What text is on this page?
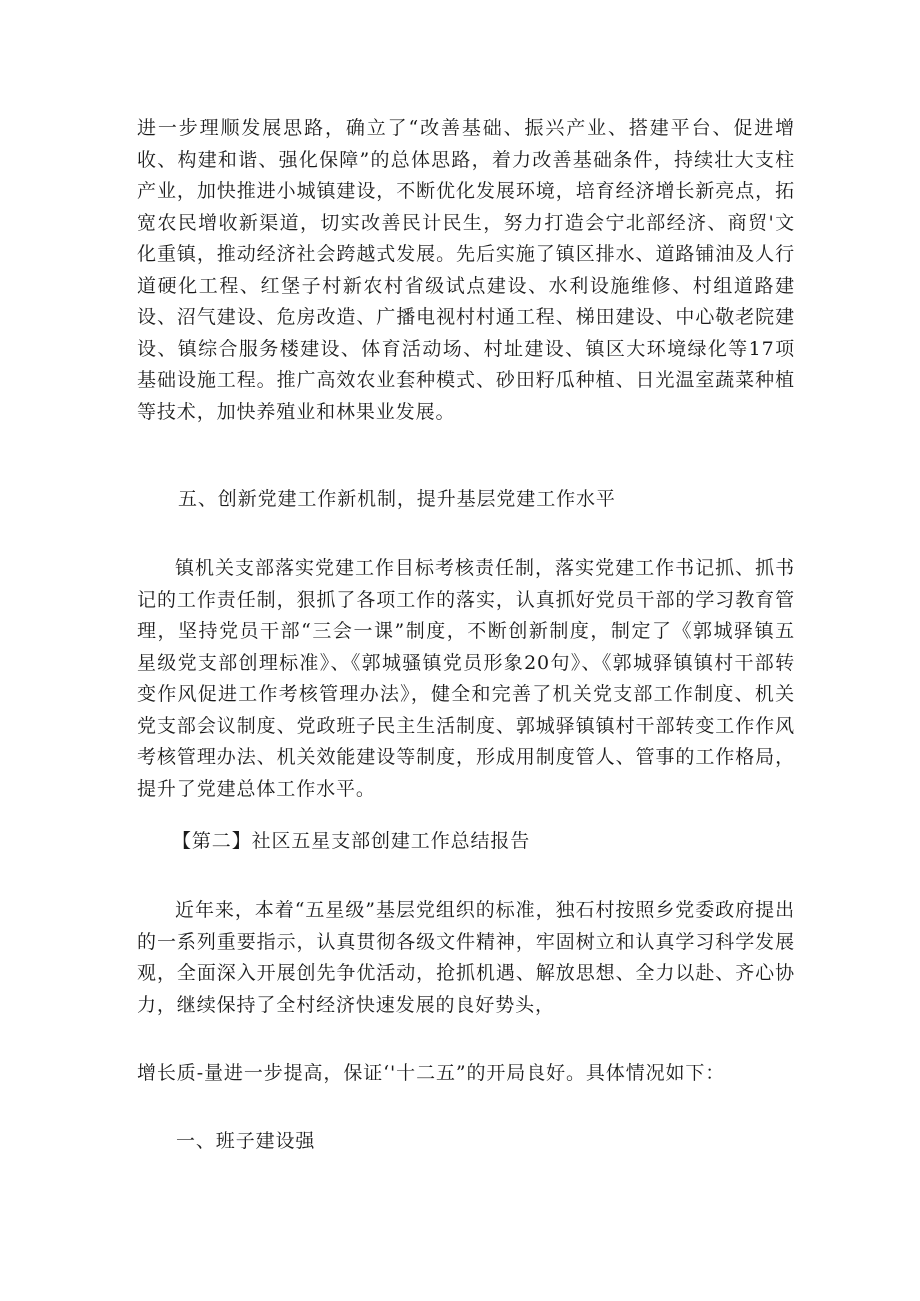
进一步理顺发展思路，确立了“改善基础、振兴产业、搭建平台、促进增收、构建和谐、强化保障”的总体思路，着力改善基础条件，持续壮大支柱产业，加快推进小城镇建设，不断优化发展环境，培育经济增长新亮点，拓宽农民增收新渠道，切实改善民计民生，努力打造会宁北部经济、商贸'文化重镇，推动经济社会跨越式发展。先后实施了镇区排水、道路铺油及人行道硬化工程、红堡子村新农村省级试点建设、水利设施维修、村组道路建设、沼气建设、危房改造、广播电视村村通工程、梯田建设、中心敬老院建设、镇综合服务楼建设、体育活动场、村址建设、镇区大环境绿化等17项基础设施工程。推广高效农业套种模式、砂田籽瓜种植、日光温室蔬菜种植等技术，加快养殖业和林果业发展。

五、创新党建工作新机制，提升基层党建工作水平

镇机关支部落实党建工作目标考核责任制，落实党建工作书记抓、抓书记的工作责任制，狠抓了各项工作的落实，认真抓好党员干部的学习教育管理，坚持党员干部“三会一课”制度，不断创新制度，制定了《郭城驿镇五星级党支部创理标准》、《郭城骚镇党员形象20句》、《郭城驿镇镇村干部转变作风促进工作考核管理办法》，健全和完善了机关党支部工作制度、机关党支部会议制度、党政班子民主生活制度、郭城驿镇镇村干部转变工作作风考核管理办法、机关效能建设等制度，形成用制度管人、管事的工作格局，提升了党建总体工作水平。

【第二】社区五星支部创建工作总结报告

近年来，本着“五星级”基层党组织的标准，独石村按照乡党委政府提出的一系列重要指示，认真贯彻各级文件精神，牢固树立和认真学习科学发展观，全面深入开展创先争优活动，抢抓机遇、解放思想、全力以赴、齐心协力，继续保持了全村经济快速发展的良好势头，

增长质-量进一步提高，保证‘'十二五”的开局良好。具体情况如下：

一、班子建设强
